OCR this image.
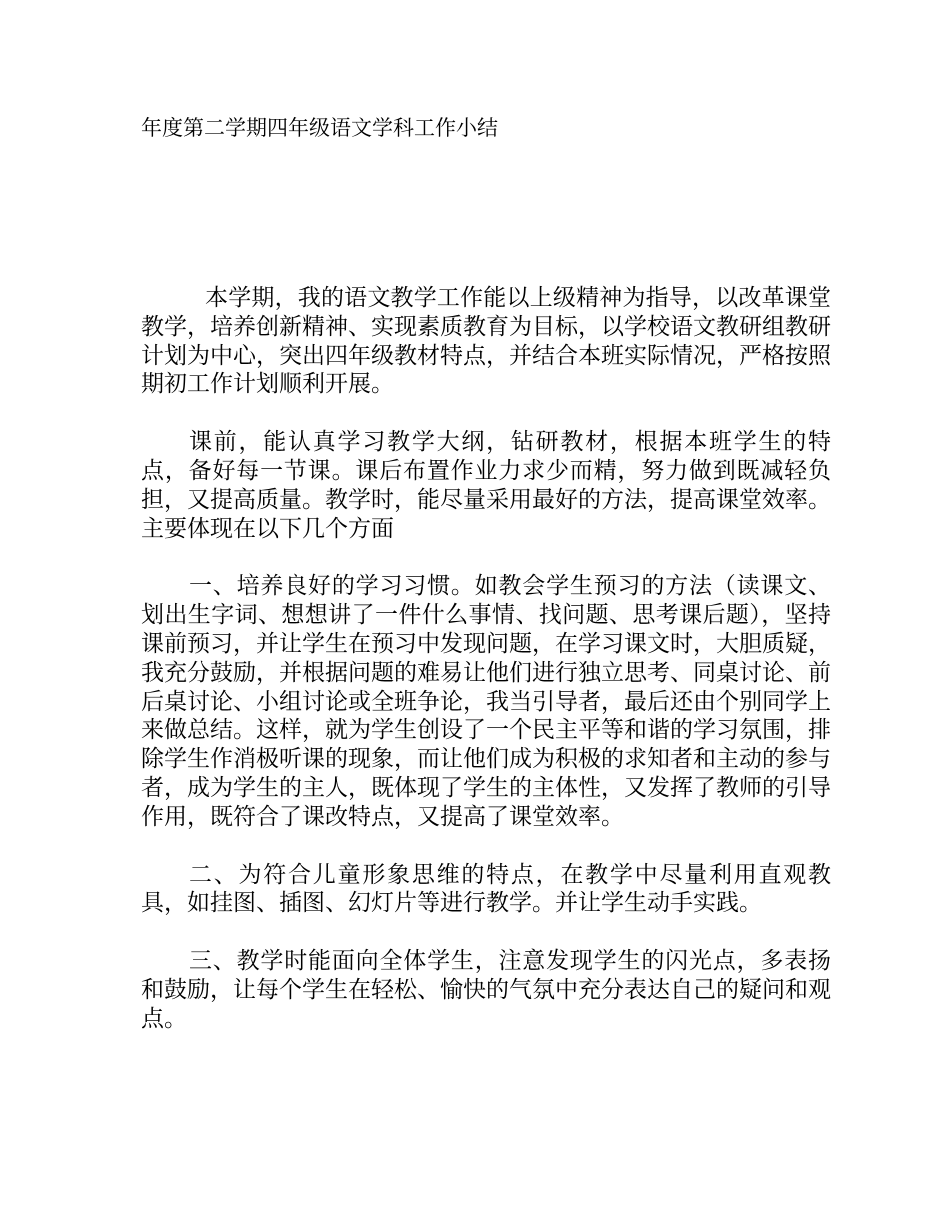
年度第二学期四年级语文学科工作小结

本学期，我的语文教学工作能以上级精神为指导，以改革课堂教学，培养创新精神、实现素质教育为目标，以学校语文教研组教研计划为中心，突出四年级教材特点，并结合本班实际情况，严格按照期初工作计划顺利开展。

课前，能认真学习教学大纲，钻研教材，根据本班学生的特点，备好每一节课。课后布置作业力求少而精，努力做到既减轻负担，又提高质量。教学时，能尽量采用最好的方法，提高课堂效率。主要体现在以下几个方面

一、培养良好的学习习惯。如教会学生预习的方法（读课文、划出生字词、想想讲了一件什么事情、找问题、思考课后题），坚持课前预习，并让学生在预习中发现问题，在学习课文时，大胆质疑，我充分鼓励，并根据问题的难易让他们进行独立思考、同桌讨论、前后桌讨论、小组讨论或全班争论，我当引导者，最后还由个别同学上来做总结。这样，就为学生创设了一个民主平等和谐的学习氛围，排除学生作消极听课的现象，而让他们成为积极的求知者和主动的参与者，成为学生的主人，既体现了学生的主体性，又发挥了教师的引导作用，既符合了课改特点，又提高了课堂效率。

二、为符合儿童形象思维的特点，在教学中尽量利用直观教具，如挂图、插图、幻灯片等进行教学。并让学生动手实践。

三、教学时能面向全体学生，注意发现学生的闪光点，多表扬和鼓励，让每个学生在轻松、愉快的气氛中充分表达自己的疑问和观点。
